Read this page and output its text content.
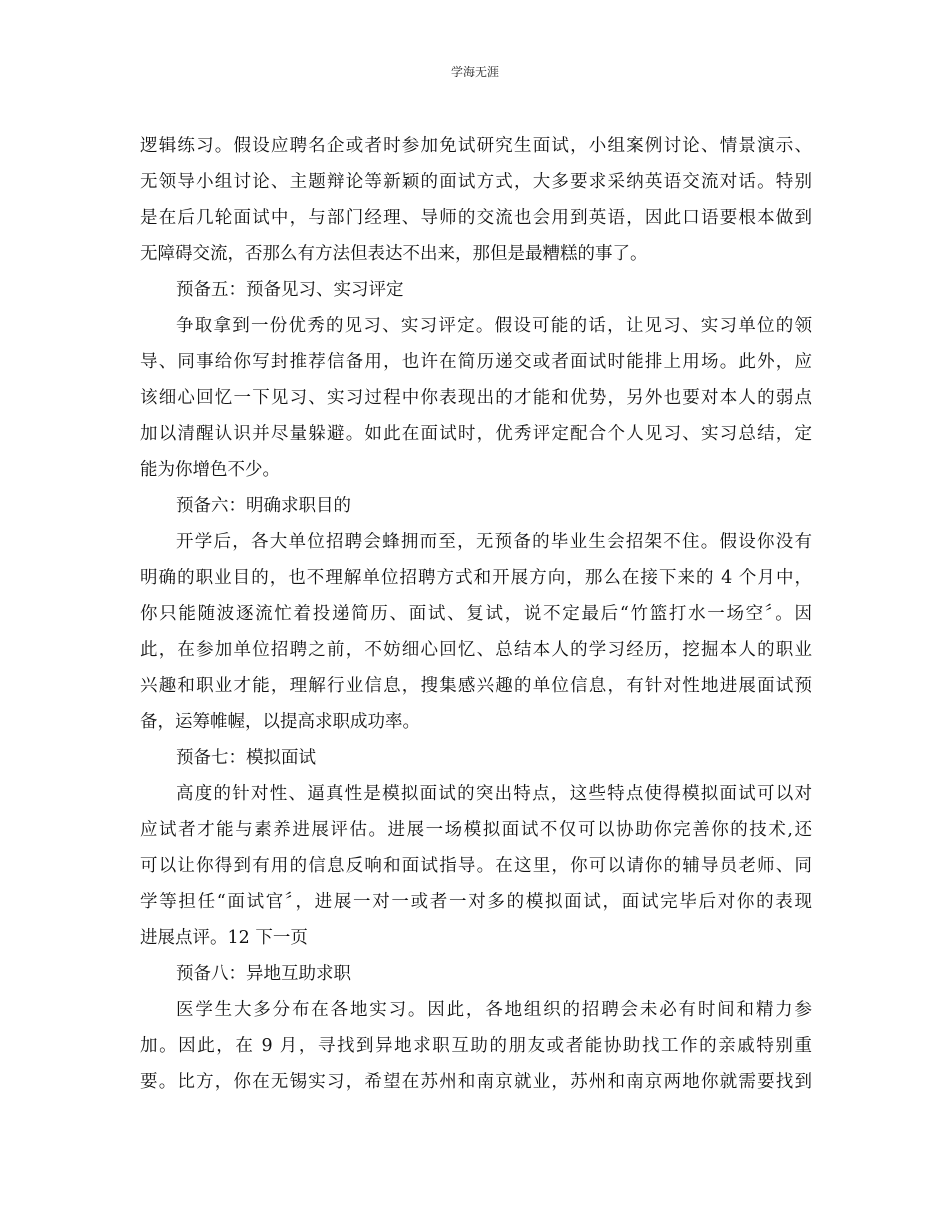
学海无涯
逻辑练习。假设应聘名企或者时参加免试研究生面试，小组案例讨论、情景演示、
无领导小组讨论、主题辩论等新颖的面试方式，大多要求采纳英语交流对话。特别
是在后几轮面试中，与部门经理、导师的交流也会用到英语，因此口语要根本做到
无障碍交流，否那么有方法但表达不出来，那但是最糟糕的事了。
预备五：预备见习、实习评定
争取拿到一份优秀的见习、实习评定。假设可能的话，让见习、实习单位的领
导、同事给你写封推荐信备用，也许在简历递交或者面试时能排上用场。此外，应
该细心回忆一下见习、实习过程中你表现出的才能和优势，另外也要对本人的弱点
加以清醒认识并尽量躲避。如此在面试时，优秀评定配合个人见习、实习总结，定
能为你增色不少。
预备六：明确求职目的
开学后，各大单位招聘会蜂拥而至，无预备的毕业生会招架不住。假设你没有
明确的职业目的，也不理解单位招聘方式和开展方向，那么在接下来的 4 个月中，
你只能随波逐流忙着投递简历、面试、复试，说不定最后“竹篮打水一场空〞。因
此，在参加单位招聘之前，不妨细心回忆、总结本人的学习经历，挖掘本人的职业
兴趣和职业才能，理解行业信息，搜集感兴趣的单位信息，有针对性地进展面试预
备，运筹帷幄，以提高求职成功率。
预备七：模拟面试
高度的针对性、逼真性是模拟面试的突出特点，这些特点使得模拟面试可以对
应试者才能与素养进展评估。进展一场模拟面试不仅可以协助你完善你的技术,还
可以让你得到有用的信息反响和面试指导。在这里，你可以请你的辅导员老师、同
学等担任“面试官〞，进展一对一或者一对多的模拟面试，面试完毕后对你的表现
进展点评。12 下一页
预备八：异地互助求职
医学生大多分布在各地实习。因此，各地组织的招聘会未必有时间和精力参
加。因此，在 9 月，寻找到异地求职互助的朋友或者能协助找工作的亲戚特别重
要。比方，你在无锡实习，希望在苏州和南京就业，苏州和南京两地你就需要找到
